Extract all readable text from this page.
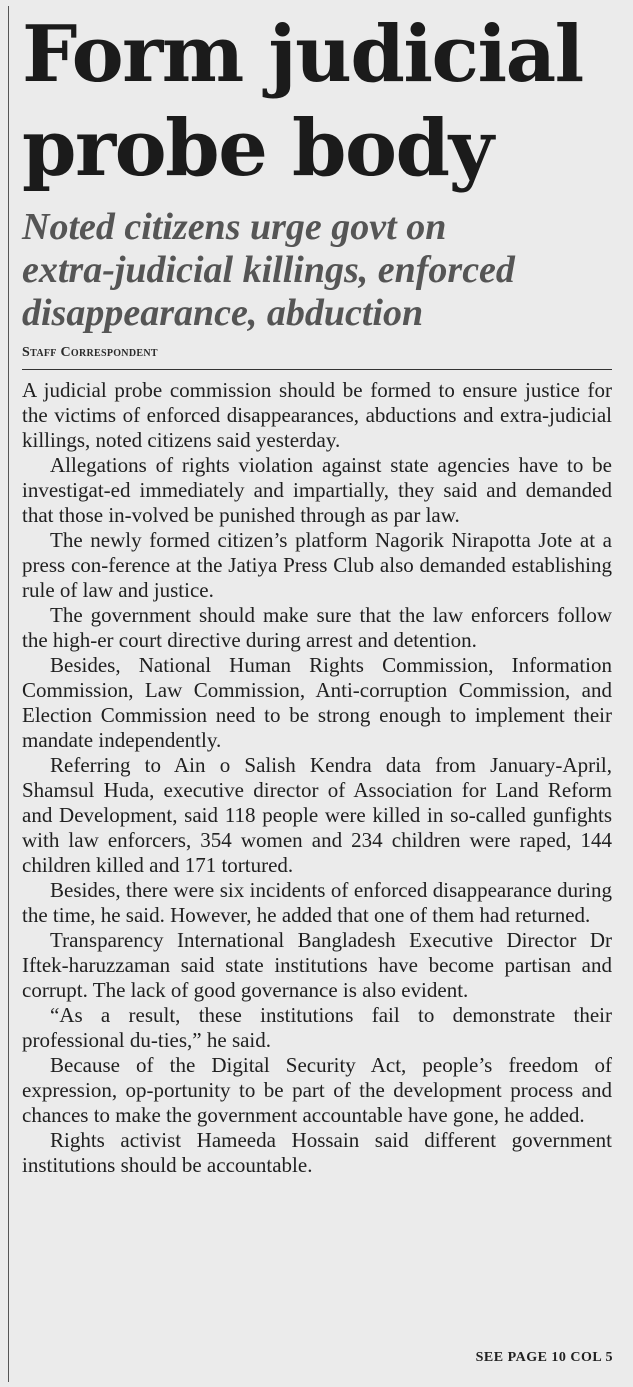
Form judicial
probe body
Noted citizens urge govt on
extra-judicial killings, enforced
disappearance, abduction
Staff Correspondent

A judicial probe commission should be formed to ensure justice for the victims of enforced disappearances, abductions and extra-judicial killings, noted citizens said yesterday.

Allegations of rights violation against state agencies have to be investigat-ed immediately and impartially, they said and demanded that those in-volved be punished through as par law.

The newly formed citizen’s platform Nagorik Nirapotta Jote at a press con-ference at the Jatiya Press Club also demanded establishing rule of law and justice.

The government should make sure that the law enforcers follow the high-er court directive during arrest and detention.

Besides, National Human Rights Commission, Information Commission, Law Commission, Anti-corruption Commission, and Election Commission need to be strong enough to implement their mandate independently.

Referring to Ain o Salish Kendra data from January-April, Shamsul Huda, executive director of Association for Land Reform and Development, said 118 people were killed in so-called gunfights with law enforcers, 354 women and 234 children were raped, 144 children killed and 171 tortured.

Besides, there were six incidents of enforced disappearance during the time, he said. However, he added that one of them had returned.

Transparency International Bangladesh Executive Director Dr Iftek-haruzzaman said state institutions have become partisan and corrupt. The lack of good governance is also evident.

“As a result, these institutions fail to demonstrate their professional du-ties,” he said.

Because of the Digital Security Act, people’s freedom of expression, op-portunity to be part of the development process and chances to make the government accountable have gone, he added.

Rights activist Hameeda Hossain said different government institutions should be accountable.

SEE PAGE 10 COL 5
